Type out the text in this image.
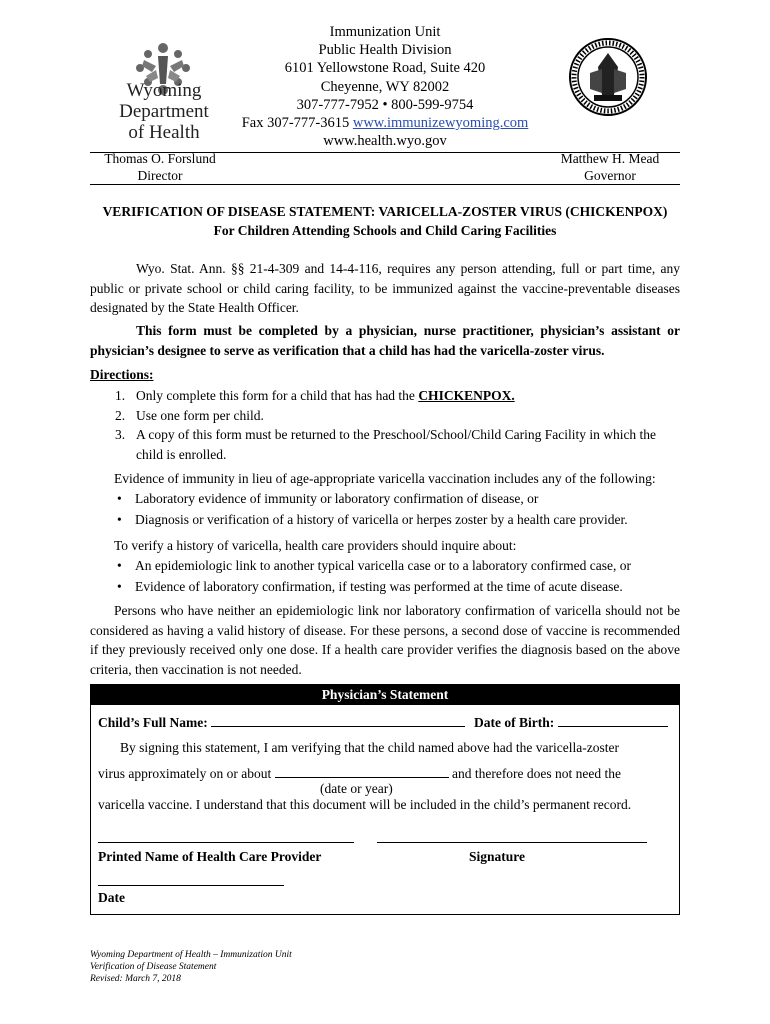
Wyoming
Department
of Health
Immunization Unit
Public Health Division
6101 Yellowstone Road, Suite 420
Cheyenne, WY 82002
307-777-7952 • 800-599-9754
Fax 307-777-3615 www.immunizewyoming.com
www.health.wyo.gov
Thomas O. Forslund
Director
Matthew H. Mead
Governor
VERIFICATION OF DISEASE STATEMENT: VARICELLA-ZOSTER VIRUS (CHICKENPOX)
For Children Attending Schools and Child Caring Facilities
Wyo. Stat. Ann. §§ 21-4-309 and 14-4-116, requires any person attending, full or part time, any public or private school or child caring facility, to be immunized against the vaccine-preventable diseases designated by the State Health Officer.
This form must be completed by a physician, nurse practitioner, physician’s assistant or physician’s designee to serve as verification that a child has had the varicella-zoster virus.
Directions:
1. Only complete this form for a child that has had the CHICKENPOX.
2. Use one form per child.
3. A copy of this form must be returned to the Preschool/School/Child Caring Facility in which the child is enrolled.
Evidence of immunity in lieu of age-appropriate varicella vaccination includes any of the following:
• Laboratory evidence of immunity or laboratory confirmation of disease, or
• Diagnosis or verification of a history of varicella or herpes zoster by a health care provider.
To verify a history of varicella, health care providers should inquire about:
• An epidemiologic link to another typical varicella case or to a laboratory confirmed case, or
• Evidence of laboratory confirmation, if testing was performed at the time of acute disease.
Persons who have neither an epidemiologic link nor laboratory confirmation of varicella should not be considered as having a valid history of disease. For these persons, a second dose of vaccine is recommended if they previously received only one dose. If a health care provider verifies the diagnosis based on the above criteria, then vaccination is not needed.
Physician’s Statement
Child’s Full Name:	Date of Birth:
By signing this statement, I am verifying that the child named above had the varicella-zoster
virus approximately on or about	and therefore does not need the
(date or year)
varicella vaccine. I understand that this document will be included in the child’s permanent record.
Printed Name of Health Care Provider	Signature
Date
Wyoming Department of Health – Immunization Unit
Verification of Disease Statement
Revised: March 7, 2018
